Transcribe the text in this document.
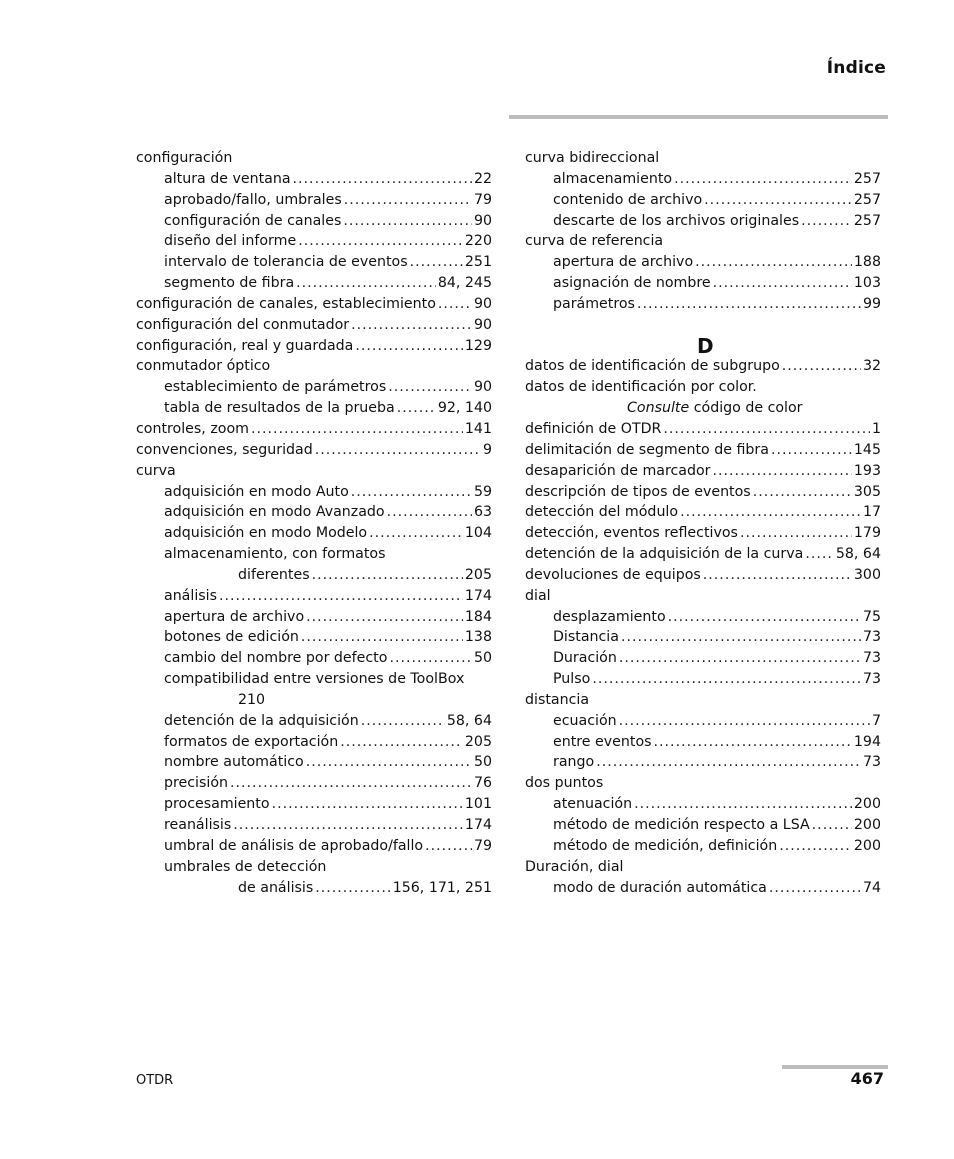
Índice
configuración
altura de ventana .....	22
aprobado/fallo, umbrales .....	79
configuración de canales .....	90
diseño del informe .....	220
intervalo de tolerancia de eventos .....	251
segmento de fibra .....	84, 245
configuración de canales, establecimiento .....	90
configuración del conmutador .....	90
configuración, real y guardada .....	129
conmutador óptico
establecimiento de parámetros .....	90
tabla de resultados de la prueba .....	92, 140
controles, zoom .....	141
convenciones, seguridad .....	9
curva
adquisición en modo Auto .....	59
adquisición en modo Avanzado .....	63
adquisición en modo Modelo .....	104
almacenamiento, con formatos
diferentes .....	205
análisis .....	174
apertura de archivo .....	184
botones de edición .....	138
cambio del nombre por defecto .....	50
compatibilidad entre versiones de ToolBox
210
detención de la adquisición .....	58, 64
formatos de exportación .....	205
nombre automático .....	50
precisión .....	76
procesamiento .....	101
reanálisis .....	174
umbral de análisis de aprobado/fallo .....	79
umbrales de detección
de análisis .....	156, 171, 251
curva bidireccional
almacenamiento .....	257
contenido de archivo .....	257
descarte de los archivos originales .....	257
curva de referencia
apertura de archivo .....	188
asignación de nombre .....	103
parámetros .....	99
D
datos de identificación de subgrupo .....	32
datos de identificación por color.
Consulte código de color
definición de OTDR .....	1
delimitación de segmento de fibra .....	145
desaparición de marcador .....	193
descripción de tipos de eventos .....	305
detección del módulo .....	17
detección, eventos reflectivos .....	179
detención de la adquisición de la curva ..... 58, 64
devoluciones de equipos .....	300
dial
desplazamiento .....	75
Distancia .....	73
Duración .....	73
Pulso .....	73
distancia
ecuación .....	7
entre eventos .....	194
rango .....	73
dos puntos
atenuación .....	200
método de medición respecto a LSA .....	200
método de medición, definición .....	200
Duración, dial
modo de duración automática .....	74
OTDR	467
